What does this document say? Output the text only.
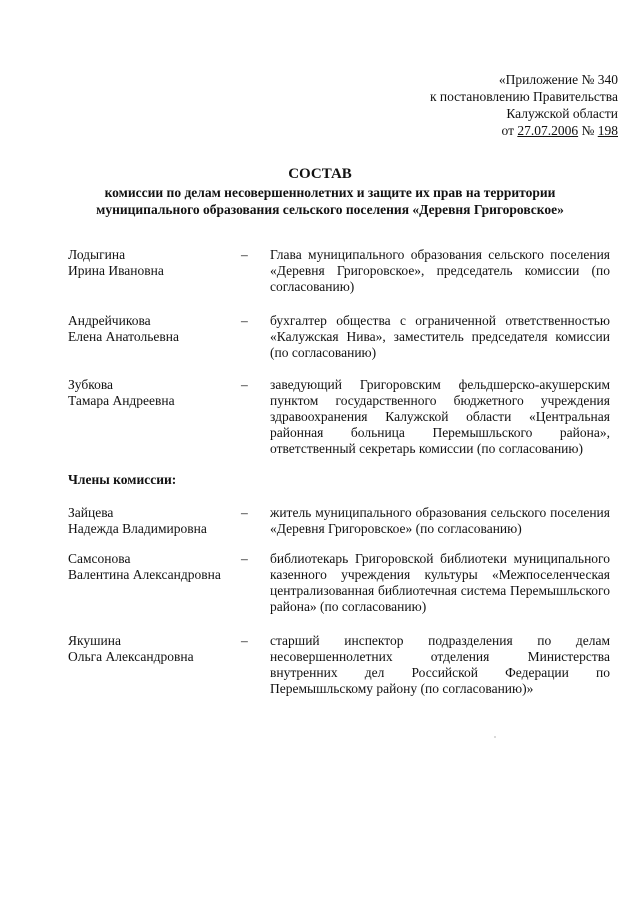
«Приложение № 340
к постановлению Правительства
Калужской области
от 27.07.2006 № 198
СОСТАВ
комиссии по делам несовершеннолетних и защите их прав на территории муниципального образования сельского поселения «Деревня Григоровское»
Лодыгина
Ирина Ивановна
–	Глава муниципального образования сельского поселения «Деревня Григоровское», председатель комиссии (по согласованию)
Андрейчикова
Елена Анатольевна
–	бухгалтер общества с ограниченной ответственностью «Калужская Нива», заместитель председателя комиссии (по согласованию)
Зубкова
Тамара Андреевна
–	заведующий Григоровским фельдшерско-акушерским пунктом государственного бюджетного учреждения здравоохранения Калужской области «Центральная районная больница Перемышльского района», ответственный секретарь комиссии (по согласованию)
Члены комиссии:
Зайцева
Надежда Владимировна
–	житель муниципального образования сельского поселения «Деревня Григоровское» (по согласованию)
Самсонова
Валентина Александровна
–	библиотекарь Григоровской библиотеки муниципального казенного учреждения культуры «Межпоселенческая централизованная библиотечная система Перемышльского района» (по согласованию)
Якушина
Ольга Александровна
–	старший инспектор подразделения по делам несовершеннолетних отделения Министерства внутренних дел Российской Федерации по Перемышльскому району (по согласованию)»
